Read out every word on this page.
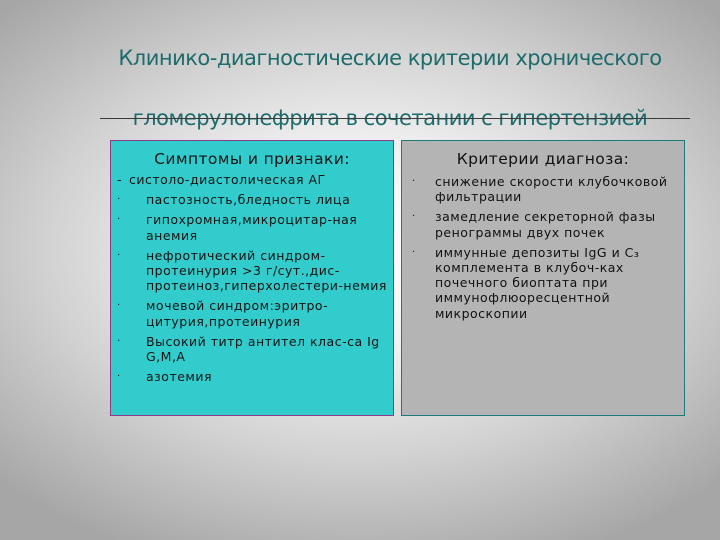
Клинико-диагностические критерии хронического
гломерулонефрита в сочетании с гипертензией
Симптомы и признаки:
- систоло-диастолическая АГ
· пастозность,бледность лица
· гипохромная,микроцитар-ная анемия
· нефротический синдром-протеинурия >3 г/сут.,дис-протеиноз,гиперхолестери-немия
· мочевой синдром:эритро-цитурия,протеинурия
· Высокий титр антител клас-са Ig G,M,A
· азотемия
Критерии диагноза:
· снижение скорости клубочковой фильтрации
· замедление секреторной фазы ренограммы двух почек
· иммунные депозиты IgG и C₃ комплемента в клубоч-ках почечного биоптата при иммунофлюоресцентной микроскопии
